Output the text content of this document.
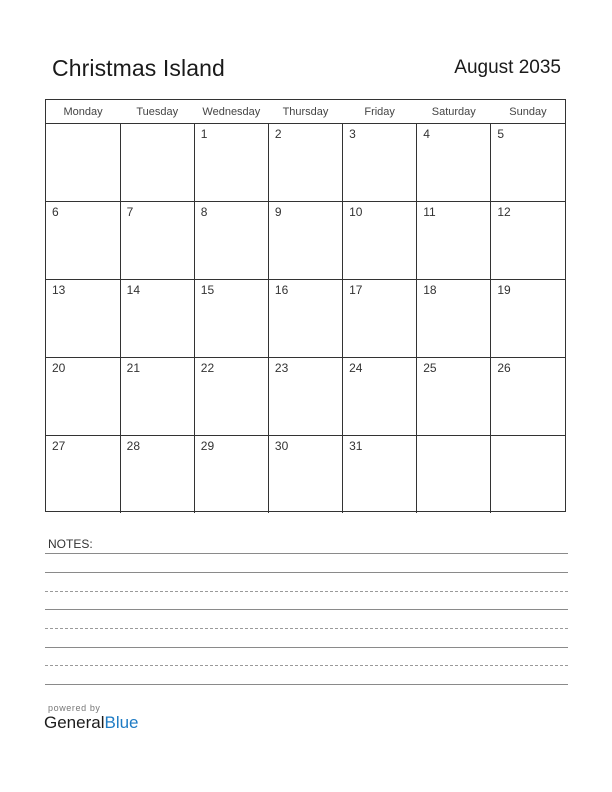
Christmas Island	August 2035
Monday	Tuesday	Wednesday	Thursday	Friday	Saturday	Sunday

		1	2	3	4	5

6	7	8	9	10	11	12

13	14	15	16	17	18	19

20	21	22	23	24	25	26

27	28	29	30	31		

NOTES:
powered by
GeneralBlue
